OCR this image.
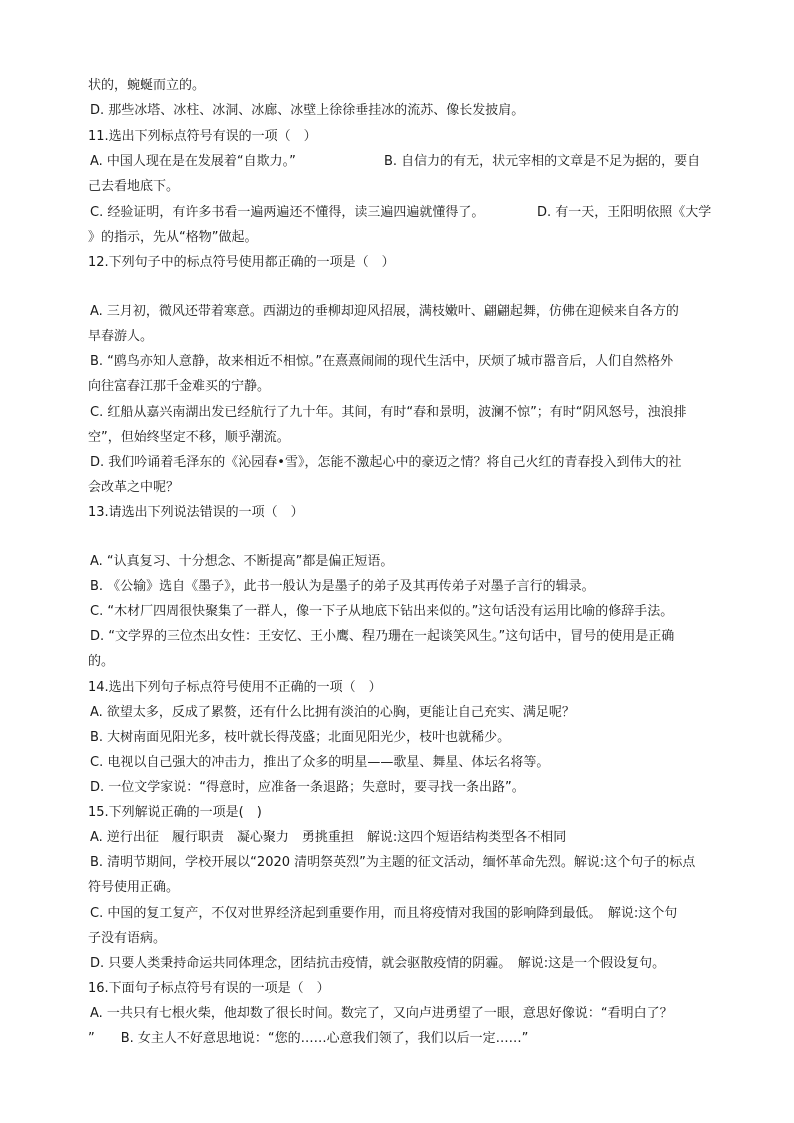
状的，蜿蜒而立的。
D. 那些冰塔、冰柱、冰洞、冰廊、冰壁上徐徐垂挂冰的流苏、像长发披肩。
11.选出下列标点符号有误的一项（　）
A. 中国人现在是在发展着“自欺力。”	B. 自信力的有无，状元宰相的文章是不足为据的，要自
己去看地底下。
C. 经验证明，有许多书看一遍两遍还不懂得，读三遍四遍就懂得了。	D. 有一天，王阳明依照《大学
》的指示，先从“格物”做起。
12.下列句子中的标点符号使用都正确的一项是（　）
A. 三月初，微风还带着寒意。西湖边的垂柳却迎风招展，满枝嫩叶、翩翩起舞，仿佛在迎候来自各方的
早春游人。
B. “鸥鸟亦知人意静，故来相近不相惊。”在熹熹闹闹的现代生活中，厌烦了城市嚣音后，人们自然格外
向往富春江那千金难买的宁静。
C. 红船从嘉兴南湖出发已经航行了九十年。其间，有时“春和景明，波澜不惊”；有时“阴风怒号，浊浪排
空”，但始终坚定不移，顺乎潮流。
D. 我们吟诵着毛泽东的《沁园春•雪》，怎能不激起心中的豪迈之情？将自己火红的青春投入到伟大的社
会改革之中呢？
13.请选出下列说法错误的一项（　）
A. “认真复习、十分想念、不断提高”都是偏正短语。
B. 《公输》选自《墨子》，此书一般认为是墨子的弟子及其再传弟子对墨子言行的辑录。
C. “木材厂四周很快聚集了一群人，像一下子从地底下钻出来似的。”这句话没有运用比喻的修辞手法。
D. “文学界的三位杰出女性：王安忆、王小鹰、程乃珊在一起谈笑风生。”这句话中，冒号的使用是正确
的。
14.选出下列句子标点符号使用不正确的一项（　）
A. 欲望太多，反成了累赘，还有什么比拥有淡泊的心胸，更能让自己充实、满足呢？
B. 大树南面见阳光多，枝叶就长得茂盛；北面见阳光少，枝叶也就稀少。
C. 电视以自己强大的冲击力，推出了众多的明星——歌星、舞星、体坛名将等。
D. 一位文学家说：“得意时，应准备一条退路；失意时，要寻找一条出路”。
15.下列解说正确的一项是(　)
A. 逆行出征　履行职责　凝心聚力　勇挑重担　解说:这四个短语结构类型各不相同
B. 清明节期间，学校开展以“2020 清明祭英烈”为主题的征文活动，缅怀革命先烈。解说:这个句子的标点
符号使用正确。
C. 中国的复工复产，不仅对世界经济起到重要作用，而且将疫情对我国的影响降到最低。　解说:这个句
子没有语病。
D. 只要人类秉持命运共同体理念，团结抗击疫情，就会驱散疫情的阴霾。　解说:这是一个假设复句。
16.下面句子标点符号有误的一项是（　）
A. 一共只有七根火柴，他却数了很长时间。数完了，又向卢进勇望了一眼，意思好像说：“看明白了？
”　　B. 女主人不好意思地说：“您的……心意我们领了，我们以后一定……”
